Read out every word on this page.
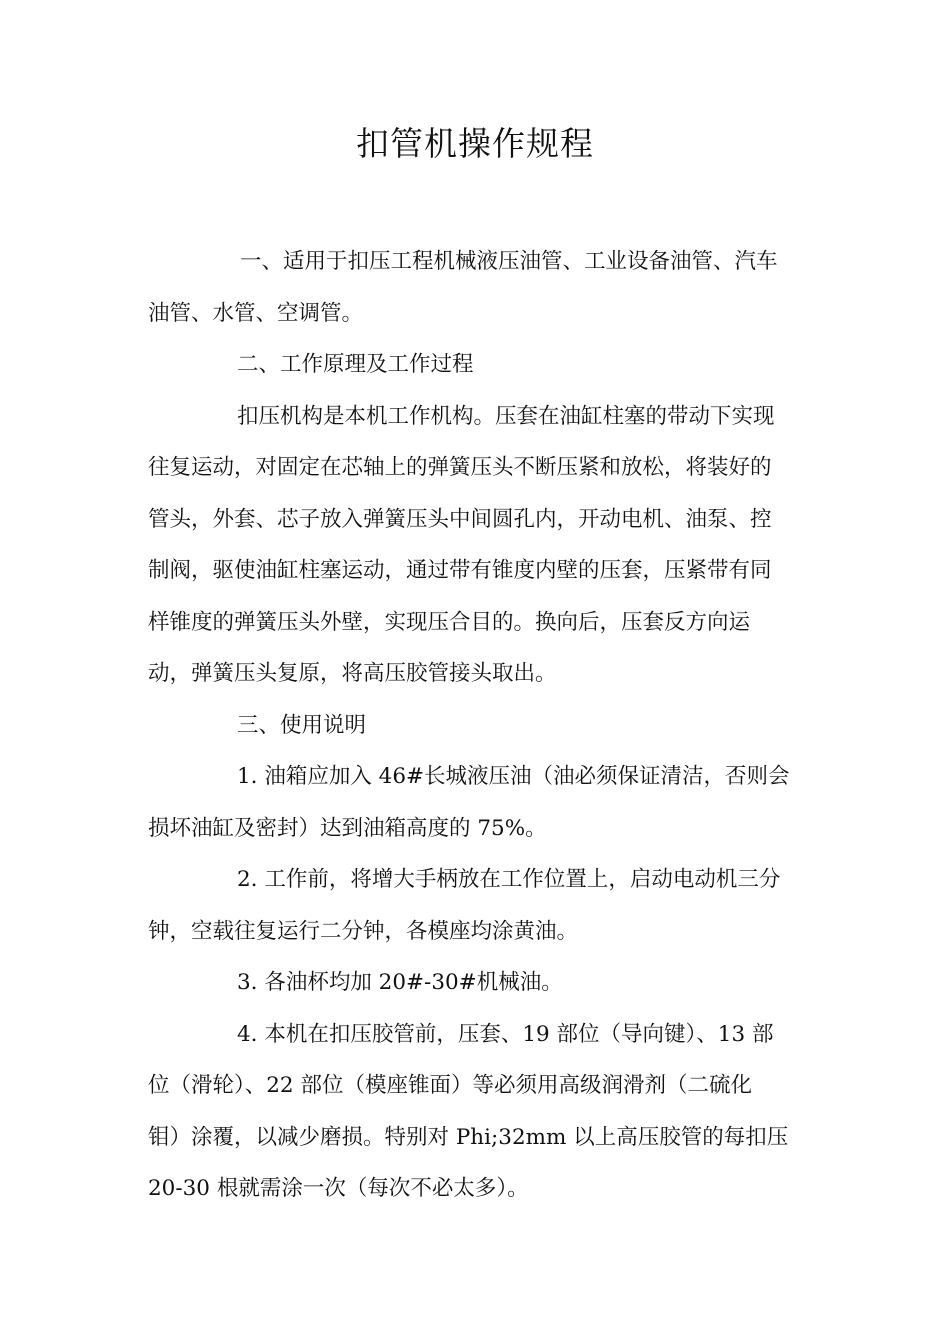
扣管机操作规程
一、适用于扣压工程机械液压油管、工业设备油管、汽车
油管、水管、空调管。
二、工作原理及工作过程
扣压机构是本机工作机构。压套在油缸柱塞的带动下实现
往复运动，对固定在芯轴上的弹簧压头不断压紧和放松，将装好的
管头，外套、芯子放入弹簧压头中间圆孔内，开动电机、油泵、控
制阀，驱使油缸柱塞运动，通过带有锥度内壁的压套，压紧带有同
样锥度的弹簧压头外壁，实现压合目的。换向后，压套反方向运
动，弹簧压头复原，将高压胶管接头取出。
三、使用说明
1. 油箱应加入 46#长城液压油（油必须保证清洁，否则会
损坏油缸及密封）达到油箱高度的 75%。
2. 工作前，将增大手柄放在工作位置上，启动电动机三分
钟，空载往复运行二分钟，各模座均涂黄油。
3. 各油杯均加 20#-30#机械油。
4. 本机在扣压胶管前，压套、19 部位（导向键）、13 部
位（滑轮）、22 部位（模座锥面）等必须用高级润滑剂（二硫化
钼）涂覆，以减少磨损。特别对 Phi;32mm 以上高压胶管的每扣压
20-30 根就需涂一次（每次不必太多）。
